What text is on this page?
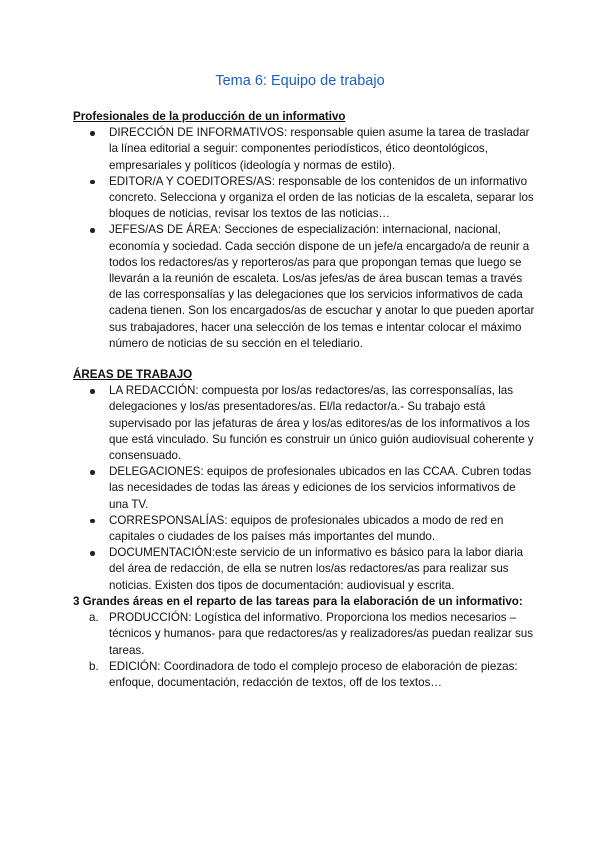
Tema 6: Equipo de trabajo

Profesionales de la producción de un informativo

DIRECCIÓN DE INFORMATIVOS: responsable quien asume la tarea de trasladar la línea editorial a seguir: componentes periodísticos, ético deontológicos, empresariales y políticos (ideología y normas de estilo).
EDITOR/A Y COEDITORES/AS: responsable de los contenidos de un informativo concreto. Selecciona y organiza el orden de las noticias de la escaleta, separar los bloques de noticias, revisar los textos de las noticias…
JEFES/AS DE ÁREA: Secciones de especialización: internacional, nacional, economía y sociedad. Cada sección dispone de un jefe/a encargado/a de reunir a todos los redactores/as y reporteros/as para que propongan temas que luego se llevarán a la reunión de escaleta. Los/as jefes/as de área buscan temas a través de las corresponsalías y las delegaciones que los servicios informativos de cada cadena tienen. Son los encargados/as de escuchar y anotar lo que pueden aportar sus trabajadores, hacer una selección de los temas e intentar colocar el máximo número de noticias de su sección en el telediario.

ÁREAS DE TRABAJO

LA REDACCIÓN: compuesta por los/as redactores/as, las corresponsalías, las delegaciones y los/as presentadores/as. El/la redactor/a.- Su trabajo está supervisado por las jefaturas de área y los/as editores/as de los informativos a los que está vinculado. Su función es construir un único guión audiovisual coherente y consensuado.
DELEGACIONES: equipos de profesionales ubicados en las CCAA. Cubren todas las necesidades de todas las áreas y ediciones de los servicios informativos de una TV.
CORRESPONSALÍAS: equipos de profesionales ubicados a modo de red en capitales o ciudades de los países más importantes del mundo.
DOCUMENTACIÓN:este servicio de un informativo es básico para la labor diaria del área de redacción, de ella se nutren los/as redactores/as para realizar sus noticias. Existen dos tipos de documentación: audiovisual y escrita.

3 Grandes áreas en el reparto de las tareas para la elaboración de un informativo:

a. PRODUCCIÓN: Logística del informativo. Proporciona los medios necesarios – técnicos y humanos- para que redactores/as y realizadores/as puedan realizar sus tareas.
b. EDICIÓN: Coordinadora de todo el complejo proceso de elaboración de piezas: enfoque, documentación, redacción de textos, off de los textos…
